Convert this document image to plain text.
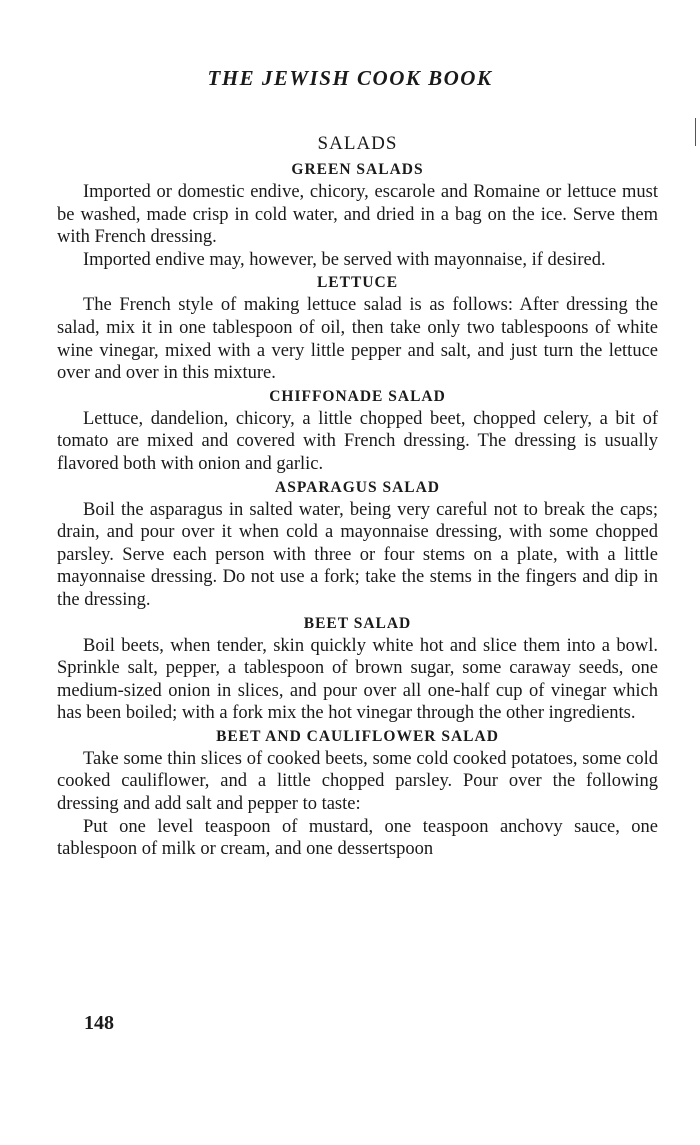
THE JEWISH COOK BOOK
SALADS
GREEN SALADS

Imported or domestic endive, chicory, escarole and Romaine or lettuce must be washed, made crisp in cold water, and dried in a bag on the ice. Serve them with French dressing.

Imported endive may, however, be served with mayonnaise, if desired.

LETTUCE

The French style of making lettuce salad is as follows: After dressing the salad, mix it in one tablespoon of oil, then take only two tablespoons of white wine vinegar, mixed with a very little pepper and salt, and just turn the lettuce over and over in this mixture.

CHIFFONADE SALAD

Lettuce, dandelion, chicory, a little chopped beet, chopped celery, a bit of tomato are mixed and covered with French dressing. The dressing is usually flavored both with onion and garlic.

ASPARAGUS SALAD

Boil the asparagus in salted water, being very careful not to break the caps; drain, and pour over it when cold a mayonnaise dressing, with some chopped parsley. Serve each person with three or four stems on a plate, with a little mayonnaise dressing. Do not use a fork; take the stems in the fingers and dip in the dressing.

BEET SALAD

Boil beets, when tender, skin quickly white hot and slice them into a bowl. Sprinkle salt, pepper, a tablespoon of brown sugar, some caraway seeds, one medium-sized onion in slices, and pour over all one-half cup of vinegar which has been boiled; with a fork mix the hot vinegar through the other ingredients.

BEET AND CAULIFLOWER SALAD

Take some thin slices of cooked beets, some cold cooked potatoes, some cold cooked cauliflower, and a little chopped parsley. Pour over the following dressing and add salt and pepper to taste:

Put one level teaspoon of mustard, one teaspoon anchovy sauce, one tablespoon of milk or cream, and one dessertspoon

148
